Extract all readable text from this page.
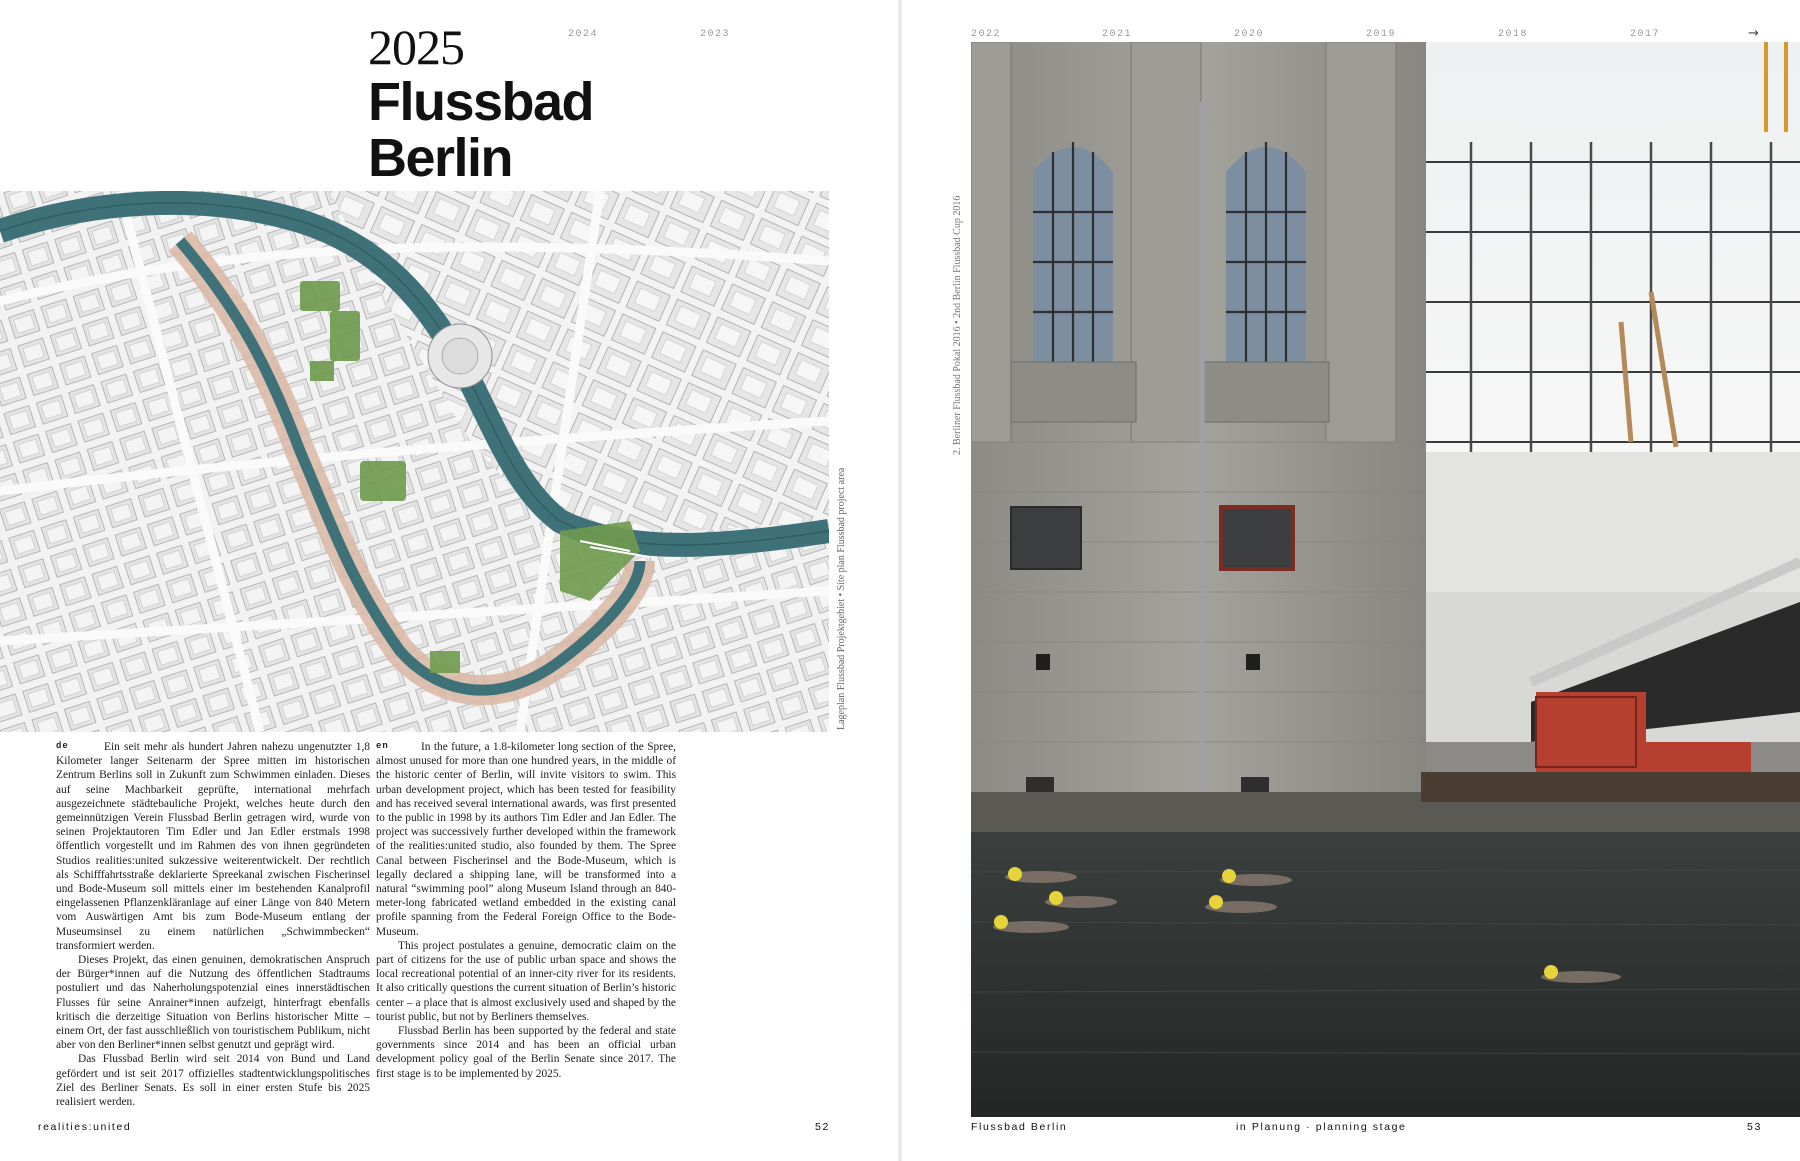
2025	2024	2023
Flussbad
Berlin
Lageplan Flussbad Projektgebiet • Site plan Flussbad project area
de	Ein seit mehr als hundert Jahren nahezu ungenutzter 1,8 Kilometer langer Seitenarm der Spree mitten im historischen Zentrum Berlins soll in Zukunft zum Schwimmen einladen. Dieses auf seine Machbarkeit geprüfte, international mehrfach ausgezeichnete städtebauliche Projekt, welches heute durch den gemeinnützigen Verein Flussbad Berlin getragen wird, wurde von seinen Projektautoren Tim Edler und Jan Edler erstmals 1998 öffentlich vorgestellt und im Rahmen des von ihnen gegründeten Studios realities:united sukzessive weiterentwickelt. Der rechtlich als Schifffahrtsstraße deklarierte Spreekanal zwischen Fischerinsel und Bode-Museum soll mittels einer im bestehenden Kanalprofil eingelassenen Pflanzenkläranlage auf einer Länge von 840 Metern vom Auswärtigen Amt bis zum Bode-Museum entlang der Museumsinsel zu einem natürlichen „Schwimmbecken“ transformiert werden.

Dieses Projekt, das einen genuinen, demokratischen Anspruch der Bürger*innen auf die Nutzung des öffentlichen Stadtraums postuliert und das Naherholungspotenzial eines innerstädtischen Flusses für seine Anrainer*innen aufzeigt, hinterfragt ebenfalls kritisch die derzeitige Situation von Berlins historischer Mitte – einem Ort, der fast ausschließlich von touristischem Publikum, nicht aber von den Berliner*innen selbst genutzt und geprägt wird.

Das Flussbad Berlin wird seit 2014 von Bund und Land gefördert und ist seit 2017 offizielles stadtentwicklungspolitisches Ziel des Berliner Senats. Es soll in einer ersten Stufe bis 2025 realisiert werden.

en	In the future, a 1.8-kilometer long section of the Spree, almost unused for more than one hundred years, in the middle of the historic center of Berlin, will invite visitors to swim. This urban development project, which has been tested for feasibility and has received several international awards, was first presented to the public in 1998 by its authors Tim Edler and Jan Edler. The project was successively further developed within the framework of the realities:united studio, also founded by them. The Spree Canal between Fischerinsel and the Bode-Museum, which is legally declared a shipping lane, will be transformed into a natural “swimming pool” along Museum Island through an 840-meter-long fabricated wetland embedded in the existing canal profile spanning from the Federal Foreign Office to the Bode-Museum.

This project postulates a genuine, democratic claim on the part of citizens for the use of public urban space and shows the local recreational potential of an inner-city river for its residents. It also critically questions the current situation of Berlin’s historic center – a place that is almost exclusively used and shaped by the tourist public, but not by Berliners themselves.

Flussbad Berlin has been supported by the federal and state governments since 2014 and has been an official urban development policy goal of the Berlin Senate since 2017. The first stage is to be implemented by 2025.

realities:united	52
2022	2021	2020	2019	2018	2017	→
2. Berliner Flussbad Pokal 2016 • 2nd Berlin Flussbad Cup 2016
Flussbad Berlin	in Planung · planning stage	53
